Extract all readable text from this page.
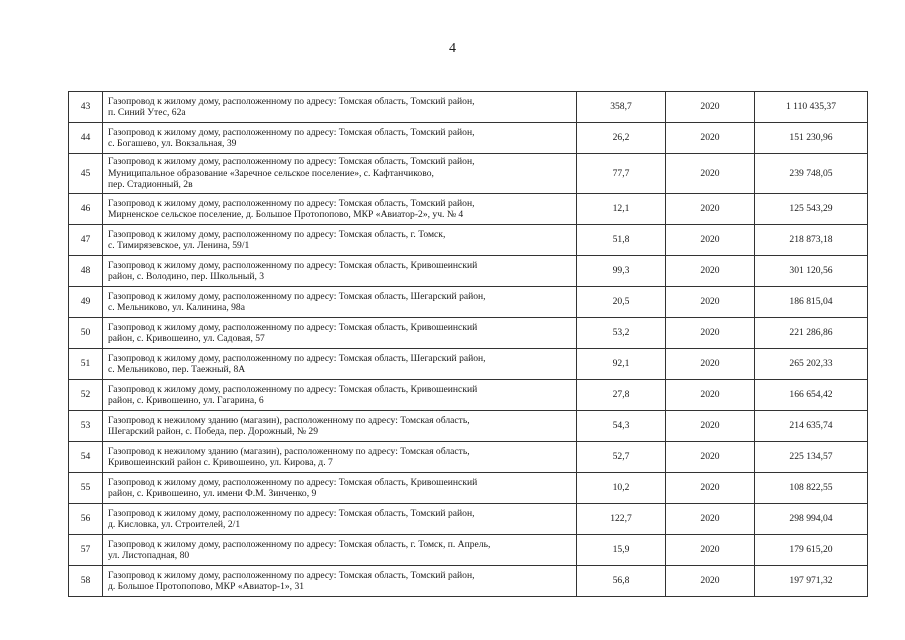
4
43	Газопровод к жилому дому, расположенному по адресу: Томская область, Томский район,
п. Синий Утес, 62а	358,7	2020	1 110 435,37
44	Газопровод к жилому дому, расположенному по адресу: Томская область, Томский район,
с. Богашево, ул. Вокзальная, 39	26,2	2020	151 230,96
45	Газопровод к жилому дому, расположенному по адресу: Томская область, Томский район,
Муниципальное образование «Заречное сельское поселение», с. Кафтанчиково,
пер. Стадионный, 2в	77,7	2020	239 748,05
46	Газопровод к жилому дому, расположенному по адресу: Томская область, Томский район,
Мирненское сельское поселение, д. Большое Протопопово, МКР «Авиатор-2», уч. № 4	12,1	2020	125 543,29
47	Газопровод к жилому дому, расположенному по адресу: Томская область, г. Томск,
с. Тимирязевское, ул. Ленина, 59/1	51,8	2020	218 873,18
48	Газопровод к жилому дому, расположенному по адресу: Томская область, Кривошеинский
район, с. Володино, пер. Школьный, 3	99,3	2020	301 120,56
49	Газопровод к жилому дому, расположенному по адресу: Томская область, Шегарский район,
с. Мельниково, ул. Калинина, 98а	20,5	2020	186 815,04
50	Газопровод к жилому дому, расположенному по адресу: Томская область, Кривошеинский
район, с. Кривошеино, ул. Садовая, 57	53,2	2020	221 286,86
51	Газопровод к жилому дому, расположенному по адресу: Томская область, Шегарский район,
с. Мельниково, пер. Таежный, 8А	92,1	2020	265 202,33
52	Газопровод к жилому дому, расположенному по адресу: Томская область, Кривошеинский
район, с. Кривошеино, ул. Гагарина, 6	27,8	2020	166 654,42
53	Газопровод к нежилому зданию (магазин), расположенному по адресу: Томская область,
Шегарский район, с. Победа, пер. Дорожный, № 29	54,3	2020	214 635,74
54	Газопровод к нежилому зданию (магазин), расположенному по адресу: Томская область,
Кривошеинский район с. Кривошеино, ул. Кирова, д. 7	52,7	2020	225 134,57
55	Газопровод к жилому дому, расположенному по адресу: Томская область, Кривошеинский
район, с. Кривошеино, ул. имени Ф.М. Зинченко, 9	10,2	2020	108 822,55
56	Газопровод к жилому дому, расположенному по адресу: Томская область, Томский район,
д. Кисловка, ул. Строителей, 2/1	122,7	2020	298 994,04
57	Газопровод к жилому дому, расположенному по адресу: Томская область, г. Томск, п. Апрель,
ул. Листопадная, 80	15,9	2020	179 615,20
58	Газопровод к жилому дому, расположенному по адресу: Томская область, Томский район,
д. Большое Протопопово, МКР «Авиатор-1», 31	56,8	2020	197 971,32
